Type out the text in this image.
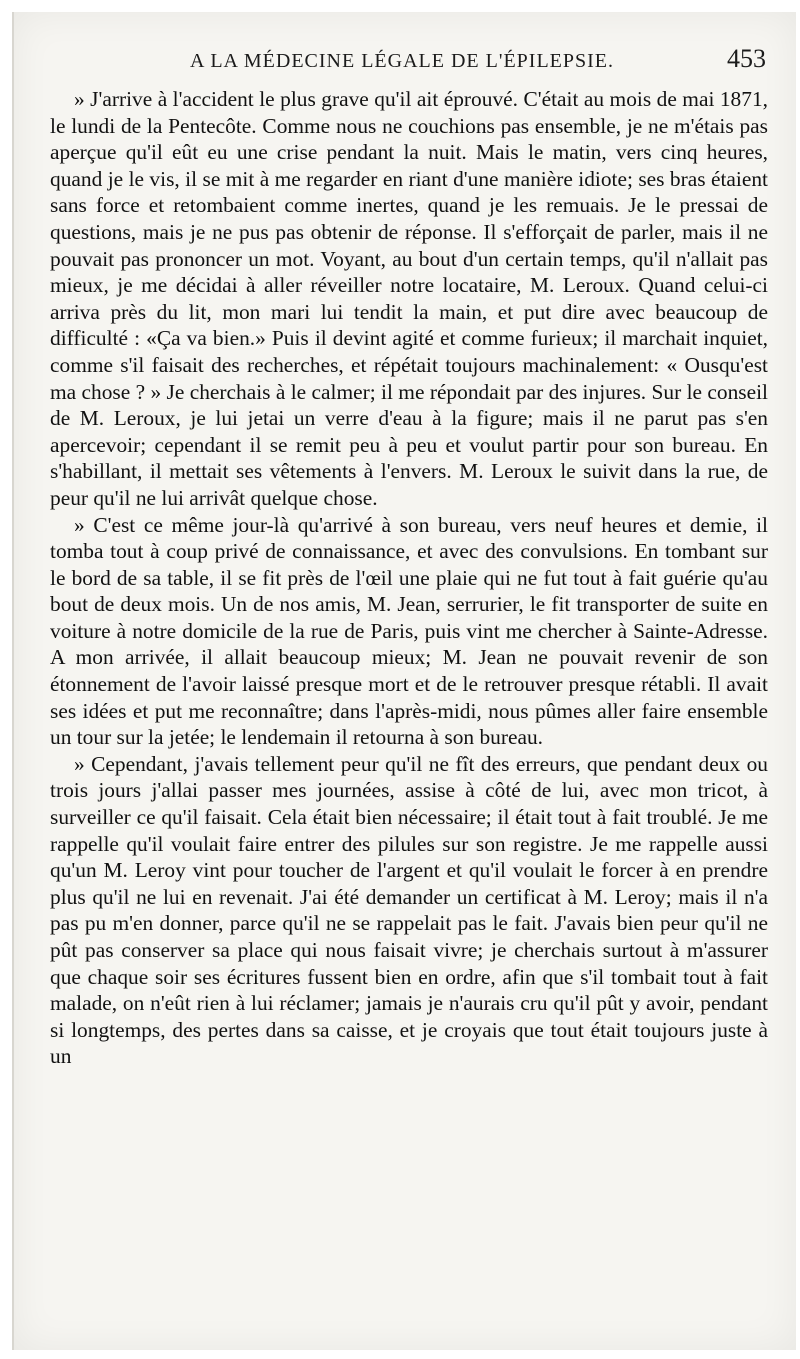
A LA MÉDECINE LÉGALE DE L'ÉPILEPSIE.	453

» J'arrive à l'accident le plus grave qu'il ait éprouvé. C'était au mois de mai 1871, le lundi de la Pentecôte. Comme nous ne couchions pas ensemble, je ne m'étais pas aperçue qu'il eût eu une crise pendant la nuit. Mais le matin, vers cinq heures, quand je le vis, il se mit à me regarder en riant d'une manière idiote; ses bras étaient sans force et retombaient comme inertes, quand je les remuais. Je le pressai de questions, mais je ne pus pas obtenir de réponse. Il s'efforçait de parler, mais il ne pouvait pas prononcer un mot. Voyant, au bout d'un certain temps, qu'il n'allait pas mieux, je me décidai à aller réveiller notre locataire, M. Leroux. Quand celui-ci arriva près du lit, mon mari lui tendit la main, et put dire avec beaucoup de difficulté : «Ça va bien.» Puis il devint agité et comme furieux; il marchait inquiet, comme s'il faisait des recherches, et répétait toujours machinalement: « Ousqu'est ma chose ? » Je cherchais à le calmer; il me répondait par des injures. Sur le conseil de M. Leroux, je lui jetai un verre d'eau à la figure; mais il ne parut pas s'en apercevoir; cependant il se remit peu à peu et voulut partir pour son bureau. En s'habillant, il mettait ses vêtements à l'envers. M. Leroux le suivit dans la rue, de peur qu'il ne lui arrivât quelque chose.

» C'est ce même jour-là qu'arrivé à son bureau, vers neuf heures et demie, il tomba tout à coup privé de connaissance, et avec des convulsions. En tombant sur le bord de sa table, il se fit près de l'œil une plaie qui ne fut tout à fait guérie qu'au bout de deux mois. Un de nos amis, M. Jean, serrurier, le fit transporter de suite en voiture à notre domicile de la rue de Paris, puis vint me chercher à Sainte-Adresse. A mon arrivée, il allait beaucoup mieux; M. Jean ne pouvait revenir de son étonnement de l'avoir laissé presque mort et de le retrouver presque rétabli. Il avait ses idées et put me reconnaître; dans l'après-midi, nous pûmes aller faire ensemble un tour sur la jetée; le lendemain il retourna à son bureau.

» Cependant, j'avais tellement peur qu'il ne fît des erreurs, que pendant deux ou trois jours j'allai passer mes journées, assise à côté de lui, avec mon tricot, à surveiller ce qu'il faisait. Cela était bien nécessaire; il était tout à fait troublé. Je me rappelle qu'il voulait faire entrer des pilules sur son registre. Je me rappelle aussi qu'un M. Leroy vint pour toucher de l'argent et qu'il voulait le forcer à en prendre plus qu'il ne lui en revenait. J'ai été demander un certificat à M. Leroy; mais il n'a pas pu m'en donner, parce qu'il ne se rappelait pas le fait. J'avais bien peur qu'il ne pût pas conserver sa place qui nous faisait vivre; je cherchais surtout à m'assurer que chaque soir ses écritures fussent bien en ordre, afin que s'il tombait tout à fait malade, on n'eût rien à lui réclamer; jamais je n'aurais cru qu'il pût y avoir, pendant si longtemps, des pertes dans sa caisse, et je croyais que tout était toujours juste à un
